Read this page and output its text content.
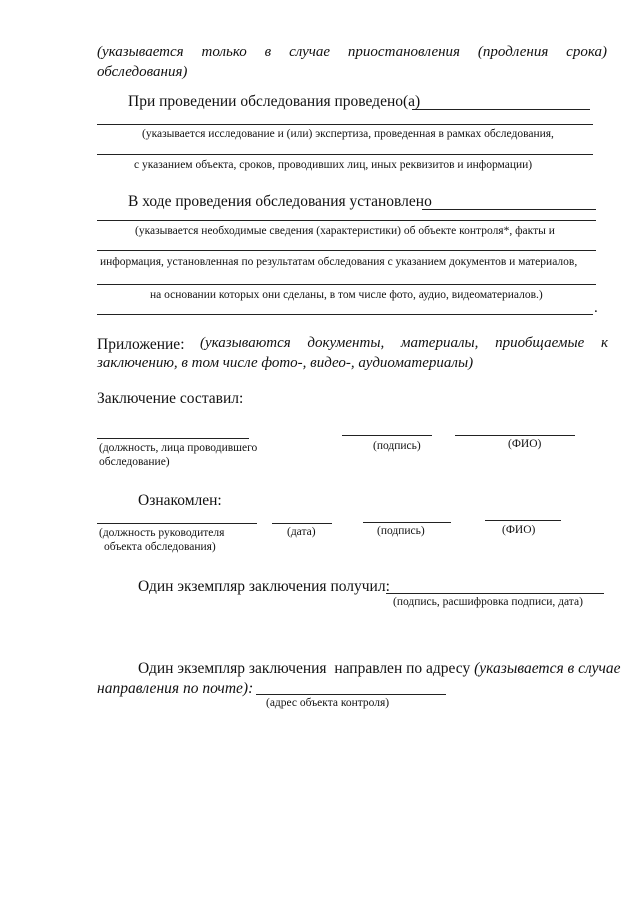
(указывается только в случае приостановления (продления срока)
обследования)
При проведении обследования проведено(а)
(указывается исследование и (или) экспертиза, проведенная в рамках обследования,
с указанием объекта, сроков, проводивших лиц, иных реквизитов и информации)
В ходе проведения обследования установлено
(указывается необходимые сведения (характеристики) об объекте контроля*, факты и
информация, установленная по результатам обследования с указанием документов и материалов,
на основании которых они сделаны, в том числе фото, аудио, видеоматериалов.)
.
Приложение: (указываются документы, материалы, приобщаемые к
заключению, в том числе фото-, видео-, аудиоматериалы)
Заключение составил:
(должность, лица проводившего
обследование)
(подпись)	(ФИО)
Ознакомлен:
(должность руководителя
объекта обследования)
(дата)	(подпись)	(ФИО)
Один экземпляр заключения получил:
(подпись, расшифровка подписи, дата)
Один экземпляр заключения  направлен по адресу (указывается в случае
направления по почте):
(адрес объекта контроля)
